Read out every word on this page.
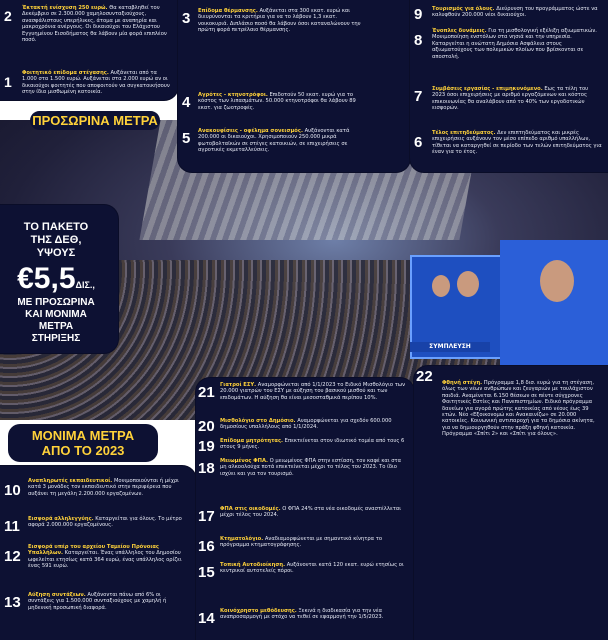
ΣΥΜΠΛΕΥΣΗ
2 Έκτακτή ενίσχυση 250 ευρώ. Θα καταβληθεί τον Δεκέμβριο σε 2.300.000 χαμηλοσυνταξιούχους, ανασφάλιστους υπερήλικες, άτομα με αναπηρία και μακροχρόνια ανέργους. Οι δικαιούχοι του Ελάχιστου Εγγυημένου Εισοδήματος θα λάβουν μία φορά επιπλέον ποσό.
1
Φοιτητικό επίδομα στέγασης. Αυξάνεται από τα 1.000 στα 1.500 ευρώ. Αυξάνεται στα 2.000 ευρώ αν οι δικαιούχοι φοιτητές που αποφοιτούν να συγκατοικήσουν στην ίδια μισθωμένη κατοικία.
ΠΡΟΣΩΡΙΝΑ ΜΕΤΡΑ
3 Επίδομα θέρμανσης. Αυξάνεται στα 300 εκατ. ευρώ και διευρύνονται τα κριτήρια για να το λάβουν 1,3 εκατ. νοικοκυριά. Διπλάσιο ποσό θα λάβουν όσοι καταναλώνουν την πρώτη φορά πετρέλαιο θέρμανσης.
4 Αγρότες - κτηνοτρόφοι. Επιδοτούν 50 εκατ. ευρώ για το κόστος των λιπασμάτων. 50.000 κτηνοτρόφοι θα λάβουν 89 εκατ. για ζωοτροφές.
5 Ανακουφίσεις - οφέλημα σονεισμός. Αυξάνονται κατά 200.000 οι δικαιούχοι. Χρησιμοποιούν 250.000 μικρά φωτοβολταϊκών σε στέγες κατοικιών, σε επιχειρήσεις σε αγροτικές εκμεταλλεύσεις.
9 Τουρισμός για όλους. Διεύρυνση του προγράμματος ώστε να καλυφθούν 200.000 νέοι δικαιούχοι.
8
Ένοπλες δυνάμεις. Για τη μισθολογική εξέλιξη αξιωματικών. Μονιμοποίηση ενστόλων στα νησιά και την υπηρεσία. Καταργείται η ανώτατη Δημόσια Ασφάλεια στους αξιωματούχους των πολεμικών πλοίων που βρίσκονται σε αποστολή.
7 Συμβάσεις εργασίας - επιμηκυνόμενο. Εως τα τέλη του 2023 όσοι επιχειρήσεις με αριθμό εργαζόμενων και κόστος επικοινωνίας θα αναλάβουν από το 40% των εργοδοτικών εισφορών.
6
Τέλος επιτηδεύματος. Δεν επιπτηδεύματος και μικρές επιχειρήσεις αυξάνουν τον μέσο επίπεδο αριθμό υπαλλήλων, τίθεται να καταργηθεί σε περίοδο των τελών επιτηδεύματος για έναν για το έτος.
ΤΟ ΠΑΚΕΤΟ
ΤΗΣ ΔΕΘ,
ΥΨΟΥΣ
€5,5ΔΙΣ.,
ΜΕ ΠΡΟΣΩΡΙΝΑ
ΚΑΙ ΜΟΝΙΜΑ
ΜΕΤΡΑ
ΣΤΗΡΙΞΗΣ
ΜΟΝΙΜΑ ΜΕΤΡΑ
ΑΠΟ ΤΟ 2023
10
Αναπληρωτές εκπαιδευτικοί. Μονιμοποιούνται ή μέχρι κατά 3 μονάδες τον εκπαιδευτικό στην περιφέρεια που αυξάνει τη μεγάλη 2.200.000 εργαζομένων.
11 Εισφορά αλληλεγγύης. Καταργείται για όλους. Το μέτρο αφορά 2.000.000 εργαζομένους.
12
Εισφορά υπέρ του αρχείου Ταμείου Πρόνοιας Υπαλλήλων. Καταργείται. Ένας υπάλληλος του Δημοσίου ωφελείται ετησίως κατά 364 ευρώ, ένας υπάλληλος ορίζει ένας 591 ευρώ.
13 Αύξηση συντάξεων. Αυξάνονται πάνω από 6% οι συντάξεις για 1.500.000 συνταξιούχους με χαμηλή ή μηδενική προσωπική διαφορά.
21 Γιατροί ΕΣΥ. Αναμορφώνεται από 1/1/2023 το Ειδικό Μισθολόγιο των 20.000 γιατρών του ΕΣΥ με αύξηση του βασικού μισθού και των επιδομάτων. Η αύξηση θα είναι μεσοσταθμικά περίπου 10%.
20 Μισθολόγιο στο Δημόσιο. Αναμορφώνεται για σχεδόν 600.000 δημοσίους υπαλλήλους από 1/1/2024.
19 Επίδομα μητρότητας. Επεκτείνεται στον ιδιωτικό τομέα από τους 6 στους 9 μήνες.
18 Μειωμένος ΦΠΑ. Ο μειωμένος ΦΠΑ στην εστίαση, τον καφέ και στα μη αλκοολούχα ποτά επεκτείνεται μέχρι το τέλος του 2023. Το ίδιο ισχύει και για τον τουρισμό.
17 ΦΠΑ στις οικοδομές. Ο ΦΠΑ 24% στα νέα οικοδομές αναστέλλεται μέχρι τέλος του 2024.
16 Κτηματολόγιο. Αναδιαμορφώνεται με σημαντικά κίνητρα το πρόγραμμα κτηματογράφησης.
15 Τοπική Αυτοδιοίκηση. Αυξάνονται κατά 120 εκατ. ευρώ ετησίως οι κεντρικοί αυτοτελείς πόροι.
14 Κοινόχρηστο μεθόδευσης. Ξεκινά η διαδικασία για την νέα αναπροσαρμογή με στόχο να τεθεί σε εφαρμογή την 1/5/2023.
22 Φθηνή στέγη. Πρόγραμμα 1,8 δισ. ευρώ για τη στέγαση, όλως των νέων ανθρώπων και ζευγαριών με τουλάχιστον παιδιά. Αναμένεται 6.150 θέσεων σε πέντε σύγχρονες Φοιτητικές Εστίες και Πανεπιστημίων. Ειδικό πρόγραμμα δανείων για αγορά πρώτης κατοικίας από νέους έως 39 ετών. Νέο «Εξοικονομώ και Ανακαινίζω» σε 20.000 κατοικίες. Κοινωνική αντιπαροχή για τα δημόσια ακίνητα, για να δημιουργηθούν στην πράξη φθηνή κατοικία. Πρόγραμμα «Σπίτι 2» και «Σπίτι για όλους».
